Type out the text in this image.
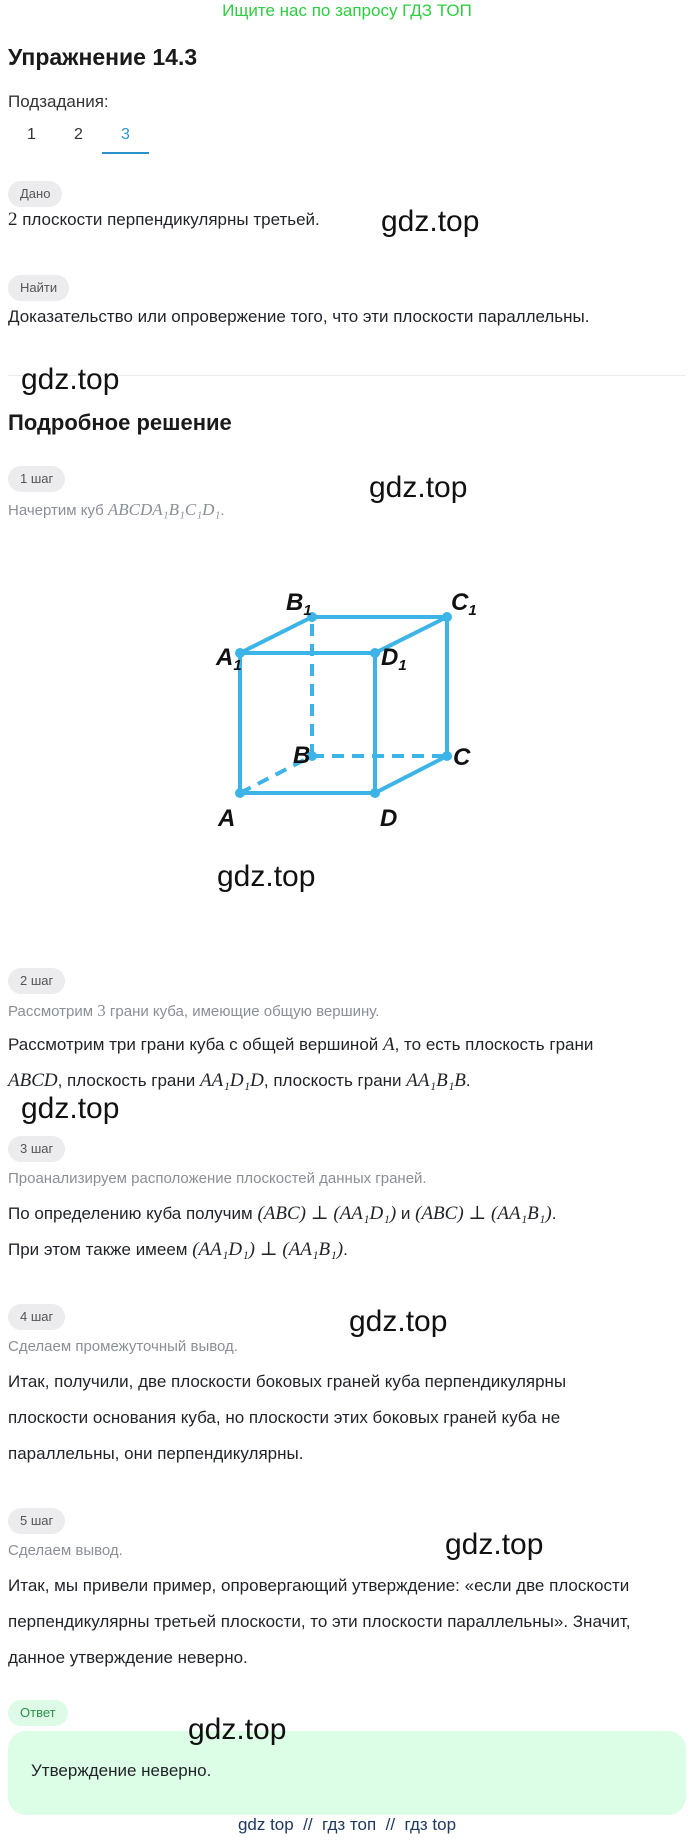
Ищите нас по запросу ГДЗ ТОП
Упражнение 14.3
Подзадания:
1	2	3
Дано
2 плоскости перпендикулярны третьей.
Найти
Доказательство или опровержение того, что эти плоскости параллельны.
Подробное решение
1 шаг
Начертим куб ABCDA₁B₁C₁D₁.
A	D
B	C
$A_1$	$D_1$
$B_1$	$C_1$
2 шаг
Рассмотрим 3 грани куба, имеющие общую вершину.
Рассмотрим три грани куба с общей вершиной A, то есть плоскость грани
ABCD, плоскость грани AA₁D₁D, плоскость грани AA₁B₁B.
3 шаг
Проанализируем расположение плоскостей данных граней.
По определению куба получим (ABC) ⊥ (AA₁D₁) и (ABC) ⊥ (AA₁B₁).
При этом также имеем (AA₁D₁) ⊥ (AA₁B₁).
4 шаг
Сделаем промежуточный вывод.
Итак, получили, две плоскости боковых граней куба перпендикулярны
плоскости основания куба, но плоскости этих боковых граней куба не
параллельны, они перпендикулярны.
5 шаг
Сделаем вывод.
Итак, мы привели пример, опровергающий утверждение: «если две плоскости
перпендикулярны третьей плоскости, то эти плоскости параллельны». Значит,
данное утверждение неверно.
Ответ
Утверждение неверно.
gdz.top
gdz.top
gdz.top
gdz.top
gdz.top
gdz.top
gdz.top
gdz.top
gdz top  //  гдз топ  //  гдз top
